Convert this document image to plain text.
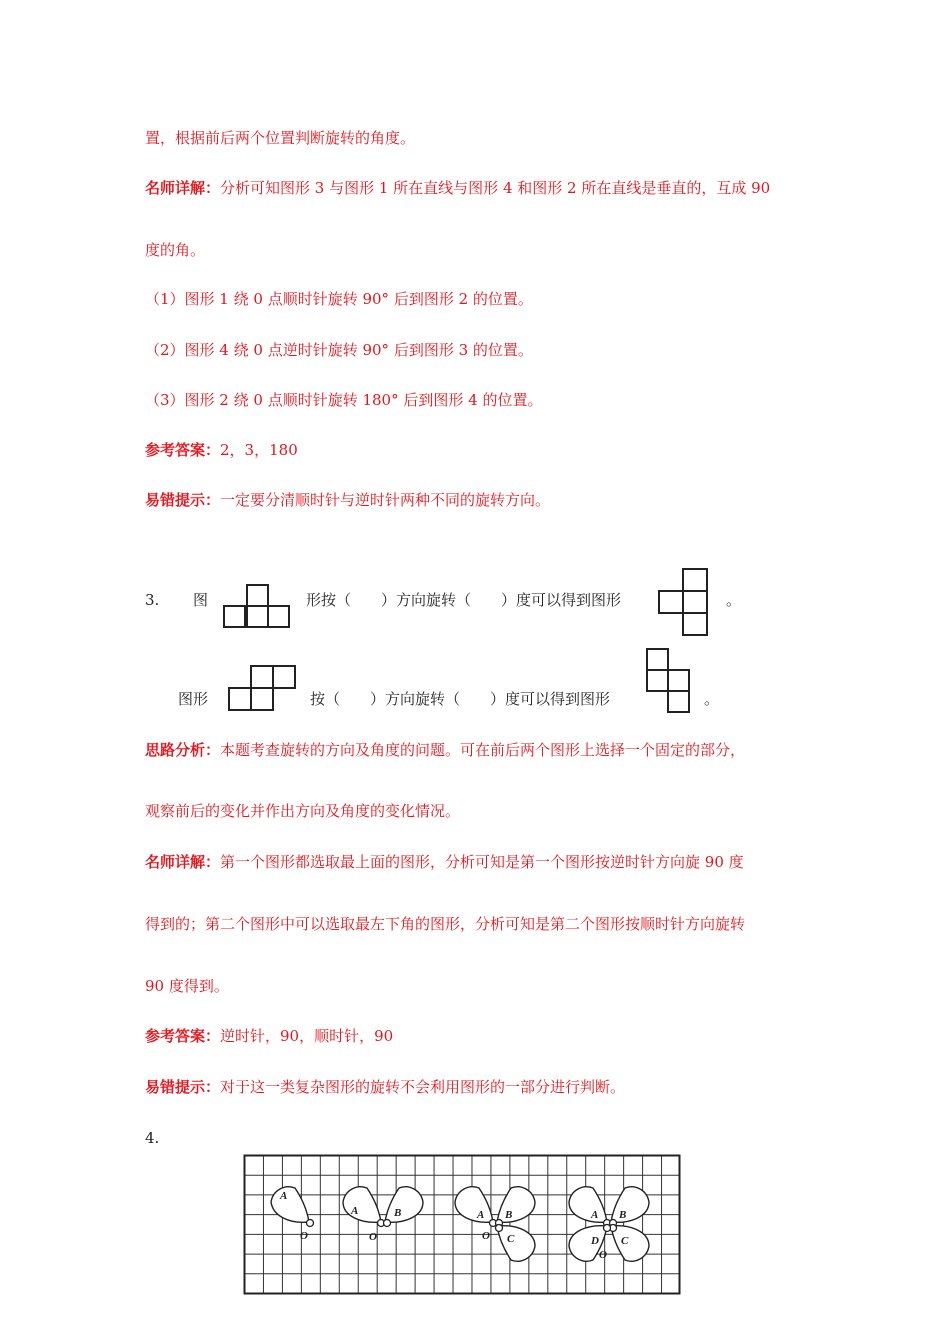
置，根据前后两个位置判断旋转的角度。
名师详解：分析可知图形 3 与图形 1 所在直线与图形 4 和图形 2 所在直线是垂直的，互成 90
度的角。
（1）图形 1 绕 0 点顺时针旋转 90° 后到图形 2 的位置。
（2）图形 4 绕 0 点逆时针旋转 90° 后到图形 3 的位置。
（3）图形 2 绕 0 点顺时针旋转 180° 后到图形 4 的位置。
参考答案：2，3，180
易错提示：一定要分清顺时针与逆时针两种不同的旋转方向。
3. 图	形按（　　）方向旋转（　　）度可以得到图形	。
图形	按（　　）方向旋转（　　）度可以得到图形	。
思路分析：本题考查旋转的方向及角度的问题。可在前后两个图形上选择一个固定的部分，
观察前后的变化并作出方向及角度的变化情况。
名师详解：第一个图形都选取最上面的图形，分析可知是第一个图形按逆时针方向旋 90 度
得到的；第二个图形中可以选取最左下角的图形，分析可知是第二个图形按顺时针方向旋转
90 度得到。
参考答案：逆时针，90，顺时针，90
易错提示：对于这一类复杂图形的旋转不会利用图形的一部分进行判断。
4.
A
O
A	B
O
A B
O C
A B
D C
O
